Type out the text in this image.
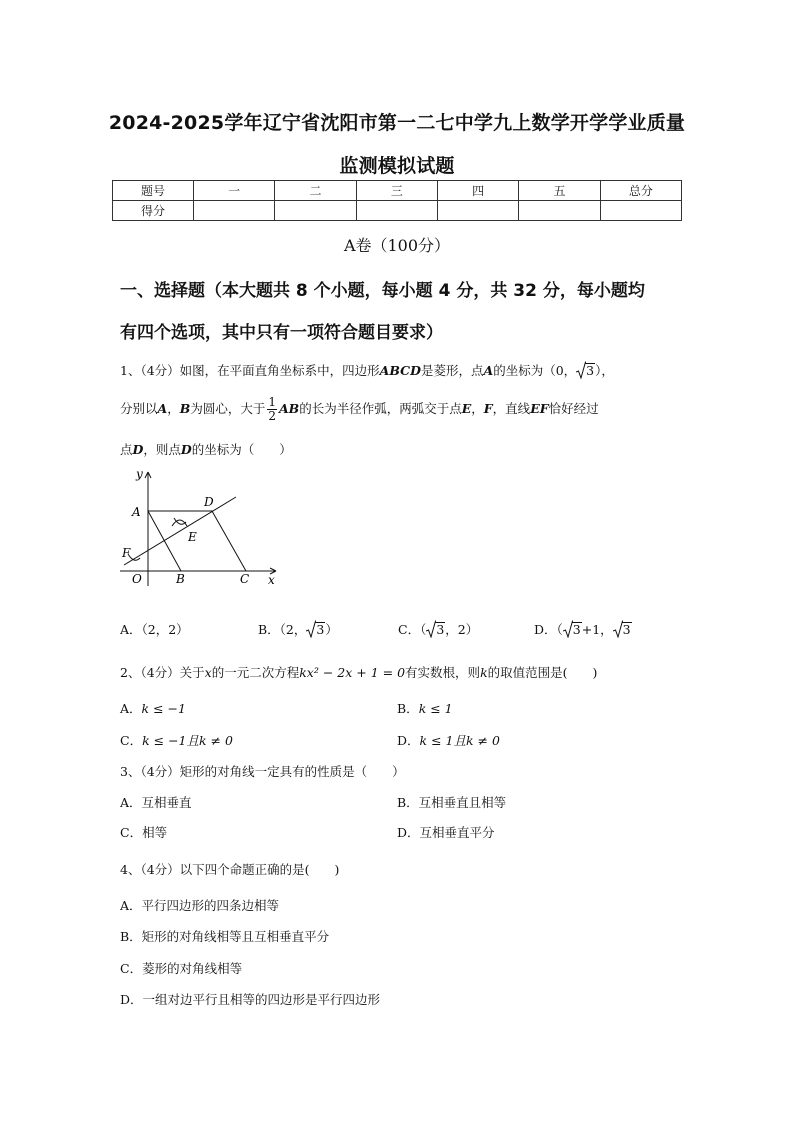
2024-2025学年辽宁省沈阳市第一二七中学九上数学开学学业质量
监测模拟试题
题号	一	二	三	四	五	总分
得分						
A卷（100分）
一、选择题（本大题共 8 个小题，每小题 4 分，共 32 分，每小题均
有四个选项，其中只有一项符合题目要求）
1、（4分）如图，在平面直角坐标系中，四边形ABCD是菱形，点A的坐标为（0， 3），
分别以A，B为圆心，大于 $\frac{1}{2}$ AB的长为半径作弧，两弧交于点E，F，直线EF恰好经过
点D，则点D的坐标为（　　）
y
x
A
D
E
F
O	B	C
A．（2，2）	B．（2， 3）	C．（ 3，2）	D．（ 3+1， 3
2、（4分）关于x的一元二次方程kx² − 2x + 1 = 0有实数根，则k的取值范围是(　　)
A．k ≤ −1	B．k ≤ 1
C．k ≤ −1且k ≠ 0	D．k ≤ 1且k ≠ 0
3、（4分）矩形的对角线一定具有的性质是（　　）
A．互相垂直	B．互相垂直且相等
C．相等	D．互相垂直平分
4、（4分）以下四个命题正确的是(　　)
A．平行四边形的四条边相等
B．矩形的对角线相等且互相垂直平分
C．菱形的对角线相等
D．一组对边平行且相等的四边形是平行四边形
